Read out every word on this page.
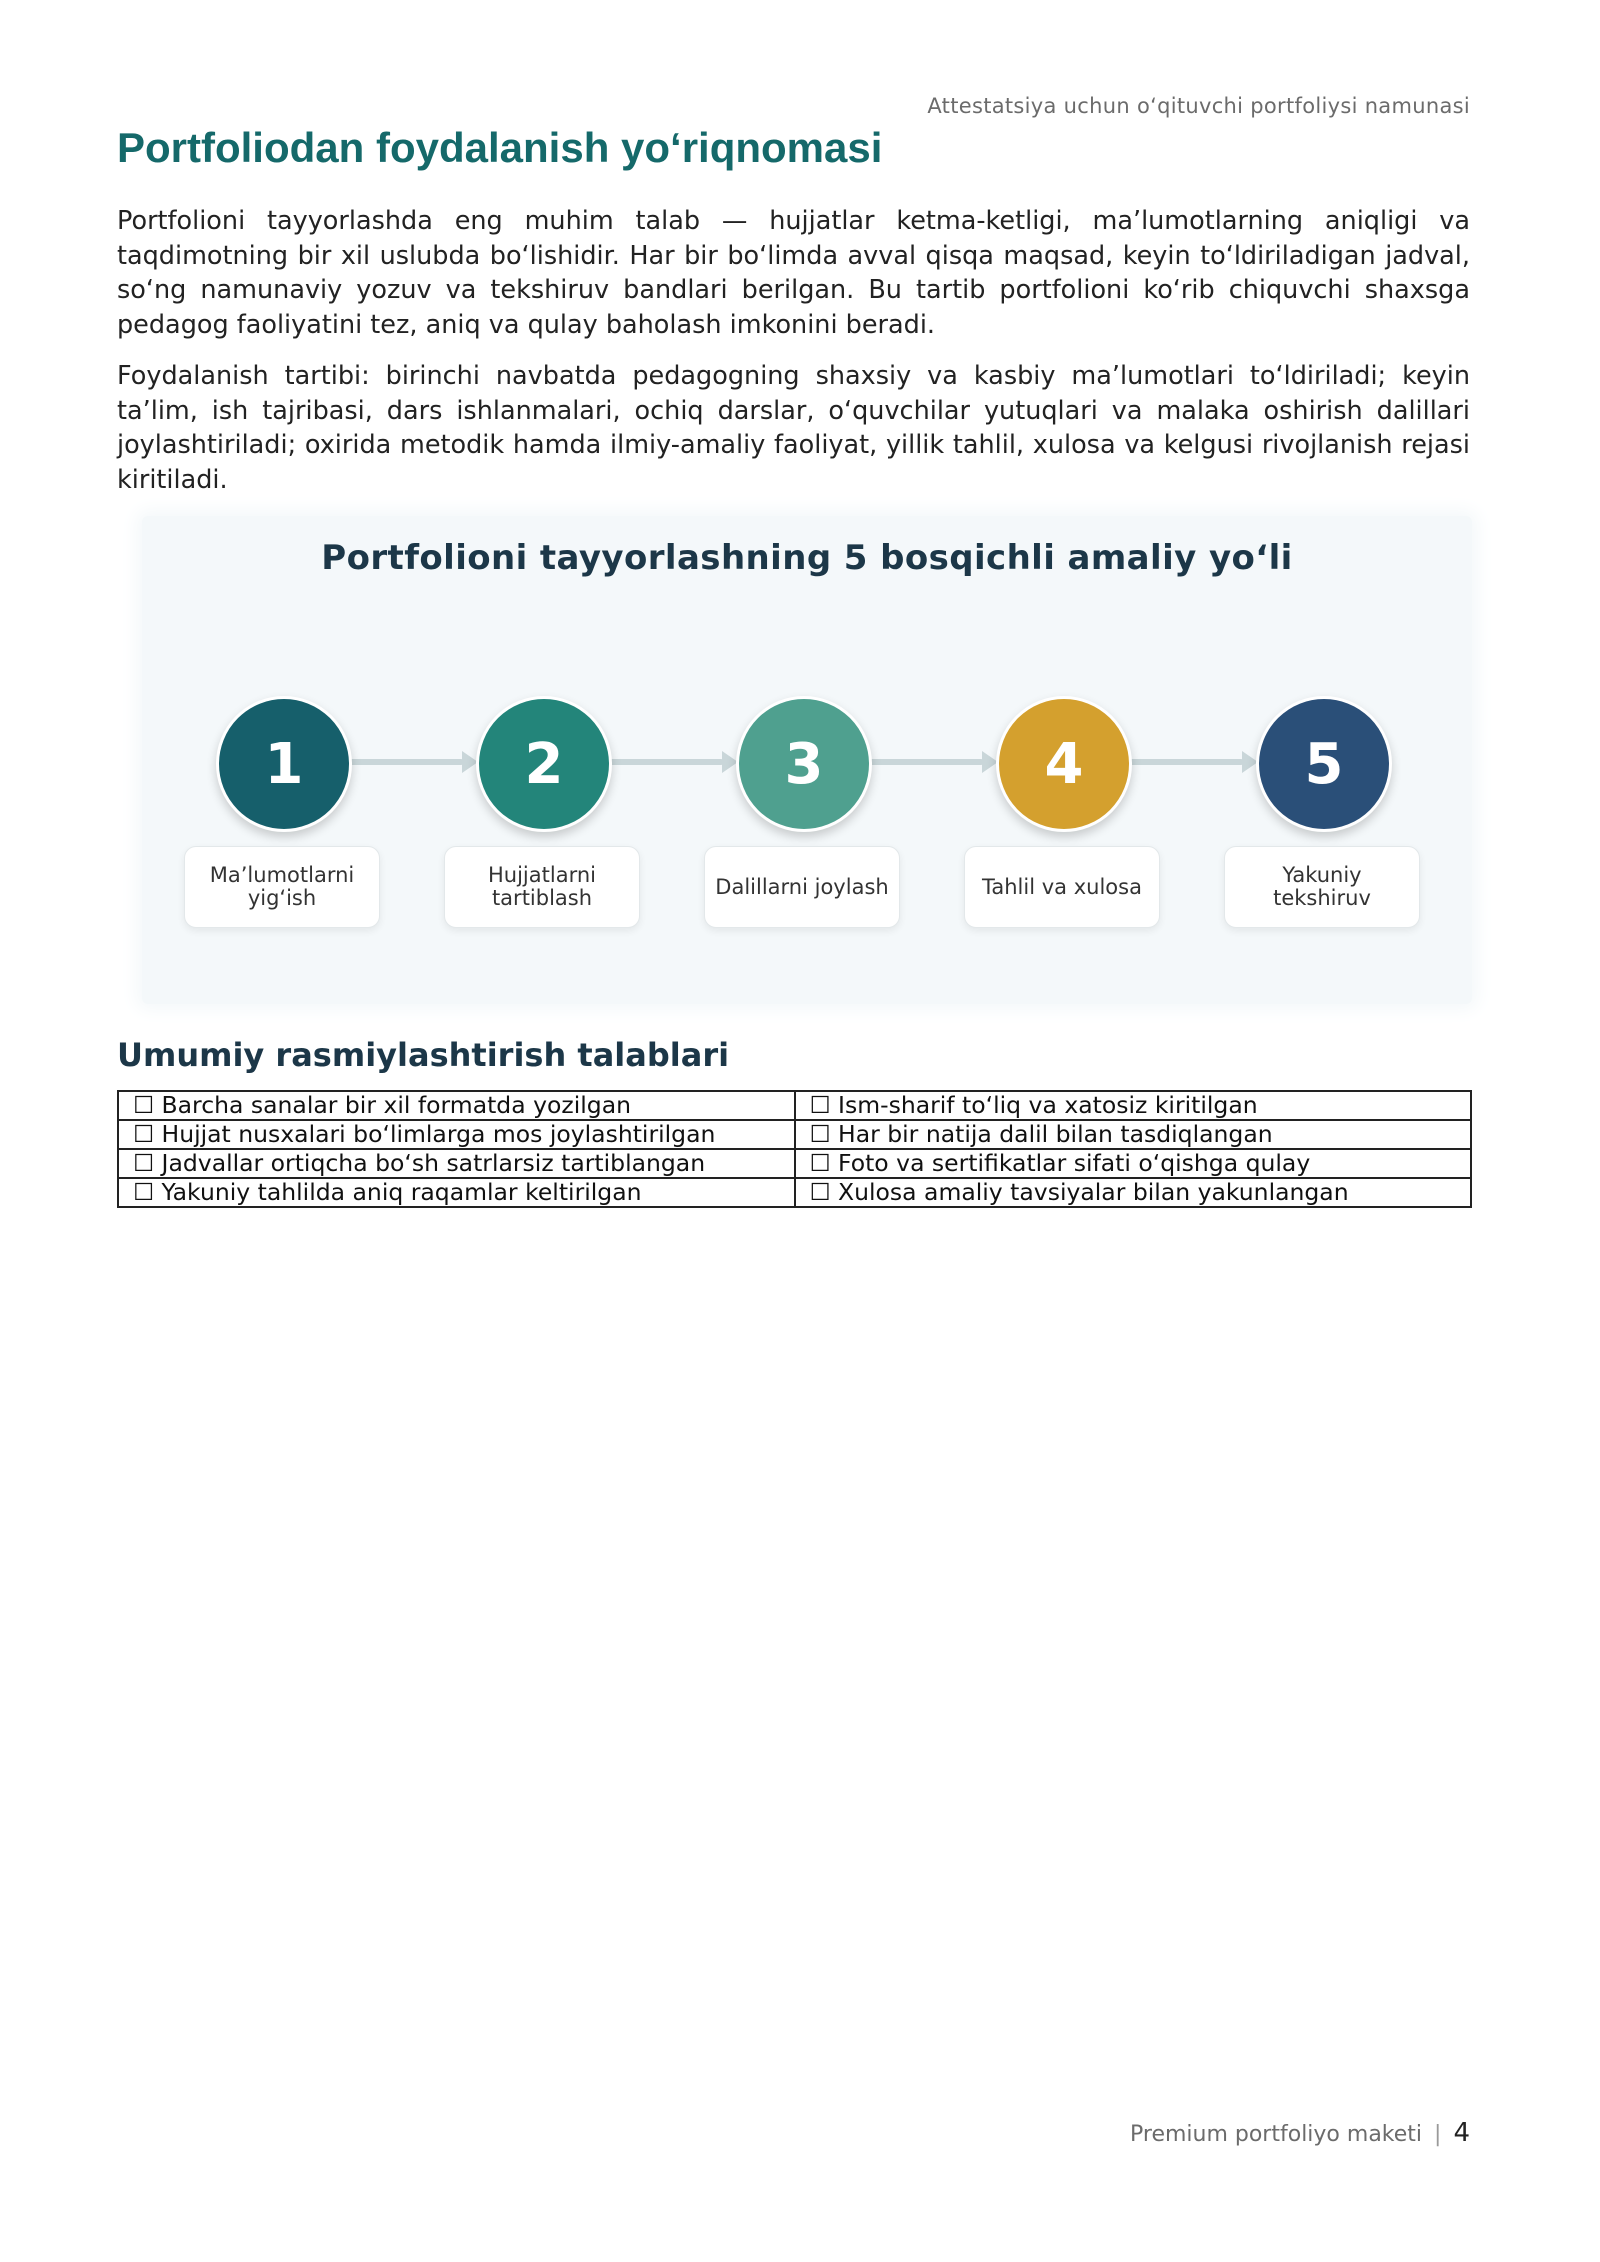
Attestatsiya uchun o‘qituvchi portfoliysi namunasi
Portfoliodan foydalanish yo‘riqnomasi

Portfolioni tayyorlashda eng muhim talab — hujjatlar ketma-ketligi, ma’lumotlarning aniqligi va taqdimotning bir xil uslubda bo‘lishidir. Har bir bo‘limda avval qisqa maqsad, keyin to‘ldiriladigan jadval, so‘ng namunaviy yozuv va tekshiruv bandlari berilgan. Bu tartib portfolioni ko‘rib chiquvchi shaxsga pedagog faoliyatini tez, aniq va qulay baholash imkonini beradi.

Foydalanish tartibi: birinchi navbatda pedagogning shaxsiy va kasbiy ma’lumotlari to‘ldiriladi; keyin ta’lim, ish tajribasi, dars ishlanmalari, ochiq darslar, o‘quvchilar yutuqlari va malaka oshirish dalillari joylashtiriladi; oxirida metodik hamda ilmiy-amaliy faoliyat, yillik tahlil, xulosa va kelgusi rivojlanish rejasi kiritiladi.

Portfolioni tayyorlashning 5 bosqichli amaliy yo‘li
1	2	3	4	5
Ma’lumotlarni yig‘ish
Hujjatlarni tartiblash	Dalillarni joylash	Tahlil va xulosa	Yakuniy tekshiruv
Umumiy rasmiylashtirish talablari
☐ Barcha sanalar bir xil formatda yozilgan	☐ Ism-sharif to‘liq va xatosiz kiritilgan
☐ Hujjat nusxalari bo‘limlarga mos joylashtirilgan	☐ Har bir natija dalil bilan tasdiqlangan
☐ Jadvallar ortiqcha bo‘sh satrlarsiz tartiblangan	☐ Foto va sertifikatlar sifati o‘qishga qulay
☐ Yakuniy tahlilda aniq raqamlar keltirilgan	☐ Xulosa amaliy tavsiyalar bilan yakunlangan
Premium portfoliyo maketi | 4
